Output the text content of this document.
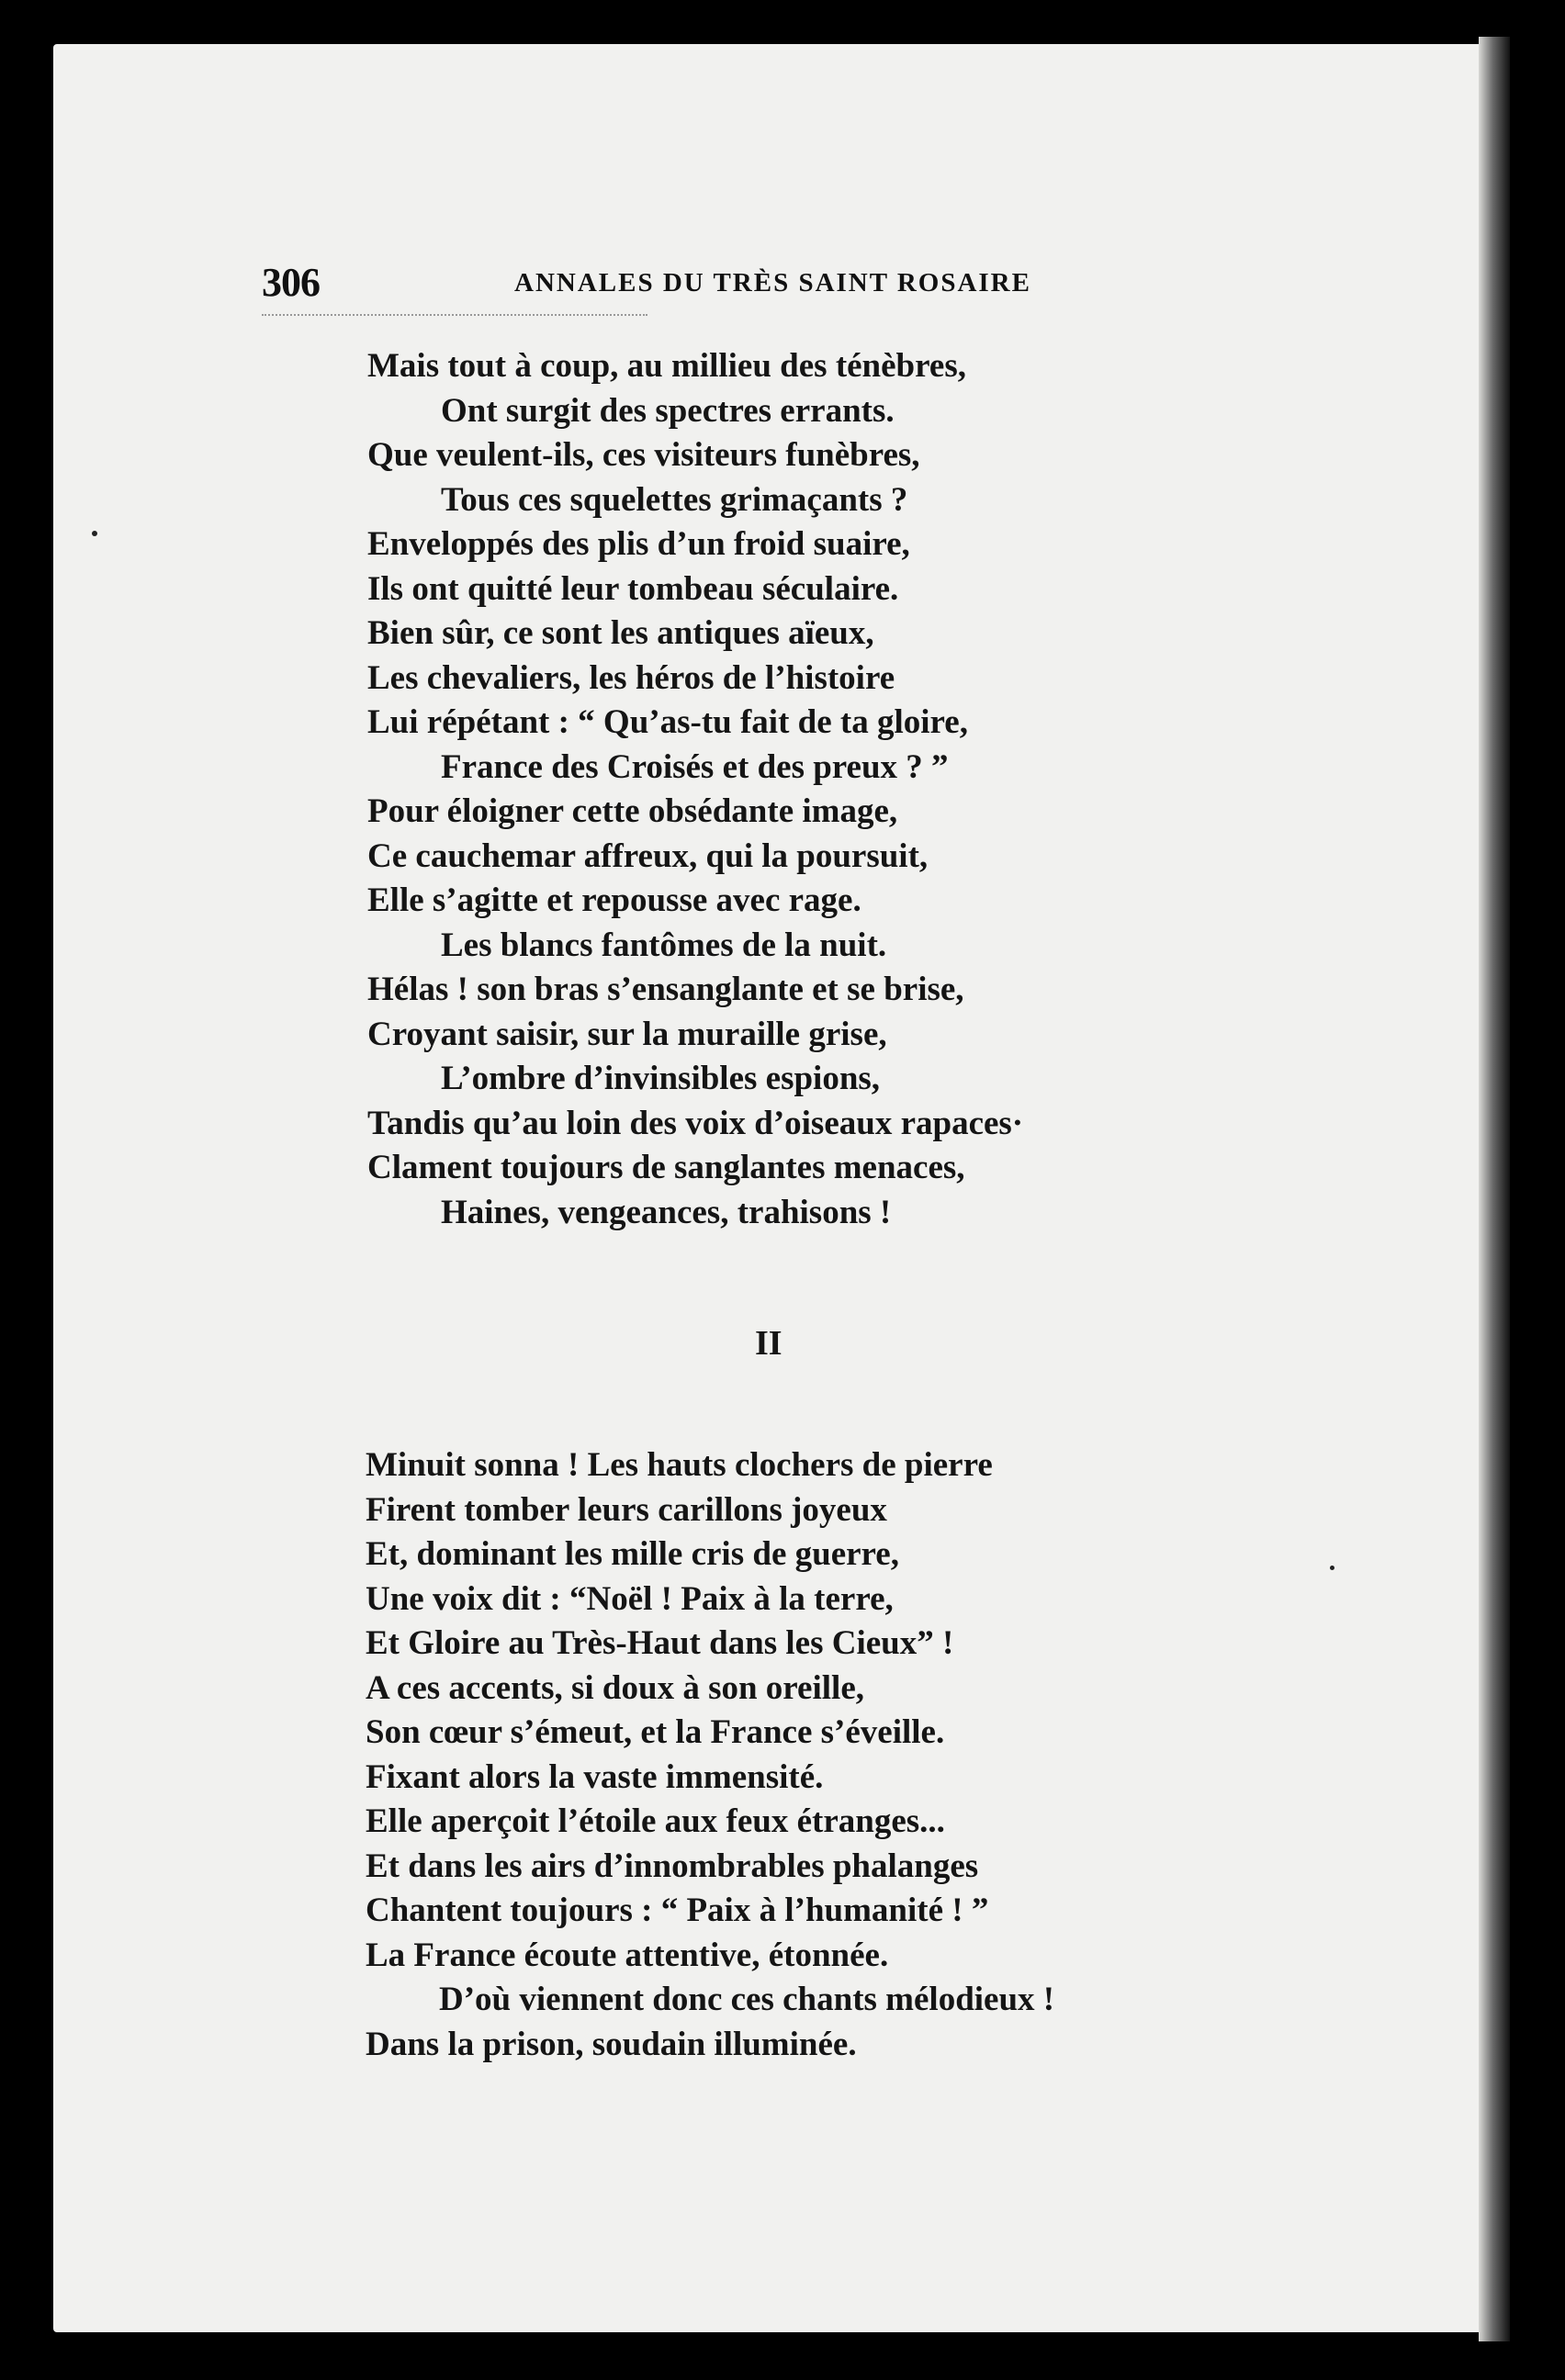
306	ANNALES DU TRÈS SAINT ROSAIRE
Mais tout à coup, au millieu des ténèbres,
Ont surgit des spectres errants.
Que veulent-ils, ces visiteurs funèbres,
Tous ces squelettes grimaçants ?
Enveloppés des plis d’un froid suaire,
Ils ont quitté leur tombeau séculaire.
Bien sûr, ce sont les antiques aïeux,
Les chevaliers, les héros de l’histoire
Lui répétant : “ Qu’as-tu fait de ta gloire,
France des Croisés et des preux ? ”
Pour éloigner cette obsédante image,
Ce cauchemar affreux, qui la poursuit,
Elle s’agitte et repousse avec rage.
Les blancs fantômes de la nuit.
Hélas ! son bras s’ensanglante et se brise,
Croyant saisir, sur la muraille grise,
L’ombre d’invinsibles espions,
Tandis qu’au loin des voix d’oiseaux rapaces·
Clament toujours de sanglantes menaces,
Haines, vengeances, trahisons !
II
Minuit sonna ! Les hauts clochers de pierre
Firent tomber leurs carillons joyeux
Et, dominant les mille cris de guerre,
Une voix dit : “Noël ! Paix à la terre,
Et Gloire au Très-Haut dans les Cieux” !
A ces accents, si doux à son oreille,
Son cœur s’émeut, et la France s’éveille.
Fixant alors la vaste immensité.
Elle aperçoit l’étoile aux feux étranges...
Et dans les airs d’innombrables phalanges
Chantent toujours : “ Paix à l’humanité ! ”
La France écoute attentive, étonnée.
D’où viennent donc ces chants mélodieux !
Dans la prison, soudain illuminée.
